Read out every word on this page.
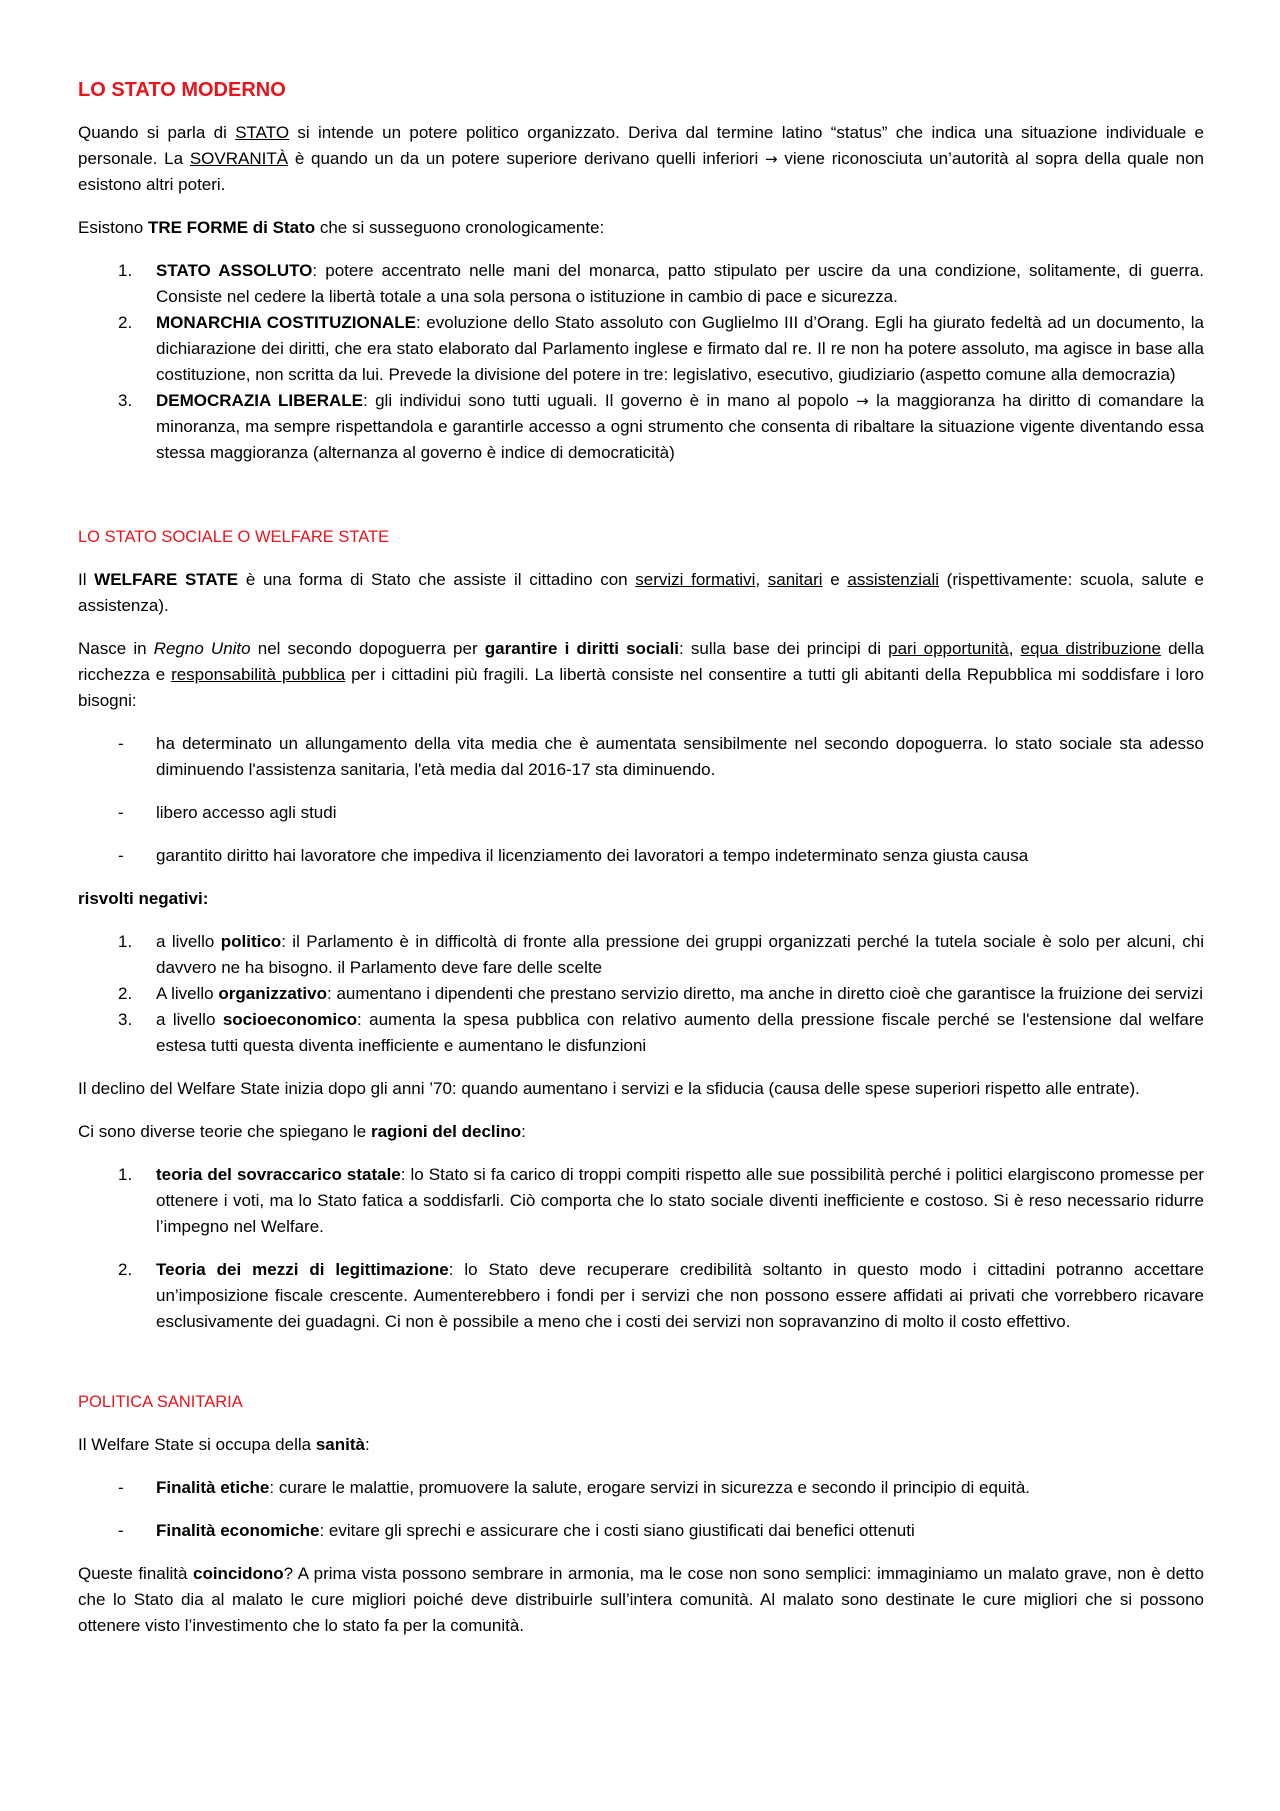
LO STATO MODERNO

Quando si parla di STATO si intende un potere politico organizzato. Deriva dal termine latino “status” che indica una situazione individuale e personale. La SOVRANITÀ è quando un da un potere superiore derivano quelli inferiori → viene riconosciuta un’autorità al sopra della quale non esistono altri poteri.

Esistono TRE FORME di Stato che si susseguono cronologicamente:

1.	STATO ASSOLUTO: potere accentrato nelle mani del monarca, patto stipulato per uscire da una condizione, solitamente, di guerra. Consiste nel cedere la libertà totale a una sola persona o istituzione in cambio di pace e sicurezza.
2.	MONARCHIA COSTITUZIONALE: evoluzione dello Stato assoluto con Guglielmo III d’Orang. Egli ha giurato fedeltà ad un documento, la dichiarazione dei diritti, che era stato elaborato dal Parlamento inglese e firmato dal re. Il re non ha potere assoluto, ma agisce in base alla costituzione, non scritta da lui. Prevede la divisione del potere in tre: legislativo, esecutivo, giudiziario (aspetto comune alla democrazia)
3.	DEMOCRAZIA LIBERALE: gli individui sono tutti uguali. Il governo è in mano al popolo → la maggioranza ha diritto di comandare la minoranza, ma sempre rispettandola e garantirle accesso a ogni strumento che consenta di ribaltare la situazione vigente diventando essa stessa maggioranza (alternanza al governo è indice di democraticità)
LO STATO SOCIALE O WELFARE STATE

Il WELFARE STATE è una forma di Stato che assiste il cittadino con servizi formativi, sanitari e assistenziali (rispettivamente: scuola, salute e assistenza).

Nasce in Regno Unito nel secondo dopoguerra per garantire i diritti sociali: sulla base dei principi di pari opportunità, equa distribuzione della ricchezza e responsabilità pubblica per i cittadini più fragili. La libertà consiste nel consentire a tutti gli abitanti della Repubblica mi soddisfare i loro bisogni:

- ha determinato un allungamento della vita media che è aumentata sensibilmente nel secondo dopoguerra. lo stato sociale sta adesso diminuendo l'assistenza sanitaria, l'età media dal 2016-17 sta diminuendo.
- libero accesso agli studi
- garantito diritto hai lavoratore che impediva il licenziamento dei lavoratori a tempo indeterminato senza giusta causa

risvolti negativi:

1.	a livello politico: il Parlamento è in difficoltà di fronte alla pressione dei gruppi organizzati perché la tutela sociale è solo per alcuni, chi davvero ne ha bisogno. il Parlamento deve fare delle scelte
2.	A livello organizzativo: aumentano i dipendenti che prestano servizio diretto, ma anche in diretto cioè che garantisce la fruizione dei servizi
3.	a livello socioeconomico: aumenta la spesa pubblica con relativo aumento della pressione fiscale perché se l'estensione dal welfare estesa tutti questa diventa inefficiente e aumentano le disfunzioni

Il declino del Welfare State inizia dopo gli anni ’70: quando aumentano i servizi e la sfiducia (causa delle spese superiori rispetto alle entrate).

Ci sono diverse teorie che spiegano le ragioni del declino:

1.	teoria del sovraccarico statale: lo Stato si fa carico di troppi compiti rispetto alle sue possibilità perché i politici elargiscono promesse per ottenere i voti, ma lo Stato fatica a soddisfarli. Ciò comporta che lo stato sociale diventi inefficiente e costoso. Si è reso necessario ridurre l’impegno nel Welfare.
2.	Teoria dei mezzi di legittimazione: lo Stato deve recuperare credibilità soltanto in questo modo i cittadini potranno accettare un’imposizione fiscale crescente. Aumenterebbero i fondi per i servizi che non possono essere affidati ai privati che vorrebbero ricavare esclusivamente dei guadagni. Ci non è possibile a meno che i costi dei servizi non sopravanzino di molto il costo effettivo.
POLITICA SANITARIA

Il Welfare State si occupa della sanità:

- Finalità etiche: curare le malattie, promuovere la salute, erogare servizi in sicurezza e secondo il principio di equità.
- Finalità economiche: evitare gli sprechi e assicurare che i costi siano giustificati dai benefici ottenuti

Queste finalità coincidono? A prima vista possono sembrare in armonia, ma le cose non sono semplici: immaginiamo un malato grave, non è detto che lo Stato dia al malato le cure migliori poiché deve distribuirle sull’intera comunità. Al malato sono destinate le cure migliori che si possono ottenere visto l’investimento che lo stato fa per la comunità.
